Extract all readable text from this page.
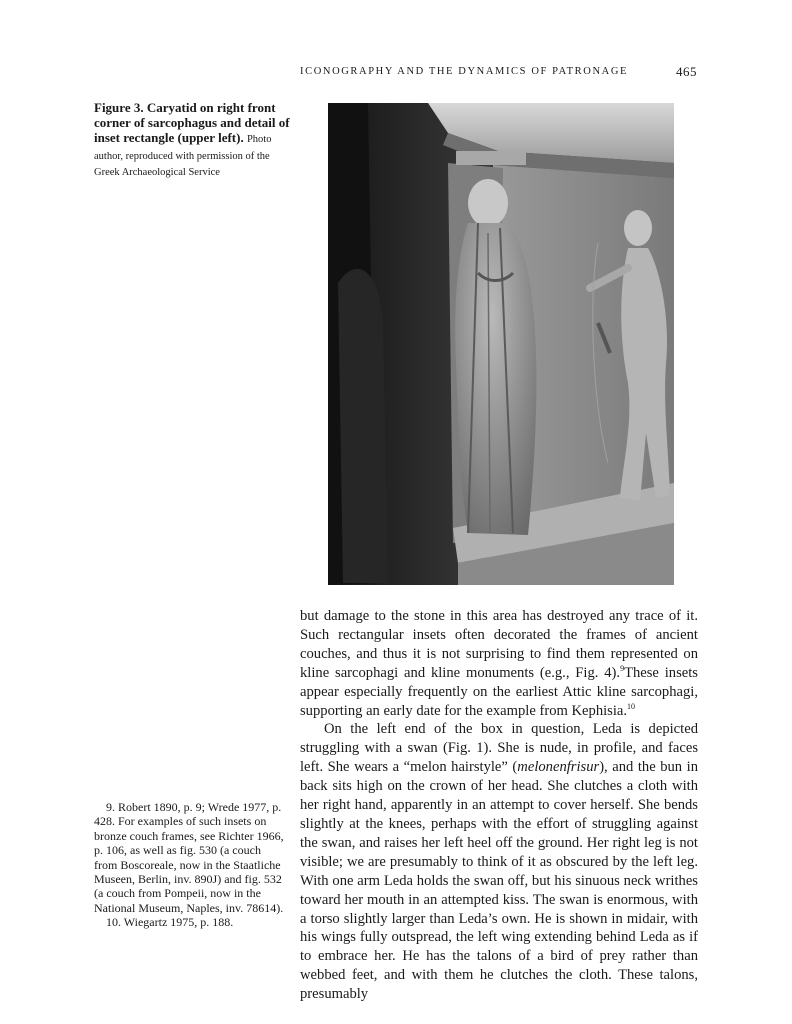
ICONOGRAPHY AND THE DYNAMICS OF PATRONAGE	465
Figure 3. Caryatid on right front corner of sarcophagus and detail of inset rectangle (upper left). Photo author, reproduced with permission of the Greek Archaeological Service

but damage to the stone in this area has destroyed any trace of it. Such rectangular insets often decorated the frames of ancient couches, and thus it is not surprising to find them represented on kline sarcophagi and kline monuments (e.g., Fig. 4).$^9$These insets appear especially frequently on the earliest Attic kline sarcophagi, supporting an early date for the example from Kephisia.$^{10}$

On the left end of the box in question, Leda is depicted struggling with a swan (Fig. 1). She is nude, in profile, and faces left. She wears a “melon hairstyle” (melonenfrisur), and the bun in back sits high on the crown of her head. She clutches a cloth with her right hand, apparently in an attempt to cover herself. She bends slightly at the knees, perhaps with the effort of struggling against the swan, and raises her left heel off the ground. Her right leg is not visible; we are presumably to think of it as obscured by the left leg. With one arm Leda holds the swan off, but his sinuous neck writhes toward her mouth in an attempted kiss. The swan is enormous, with a torso slightly larger than Leda’s own. He is shown in midair, with his wings fully outspread, the left wing extending behind Leda as if to embrace her. He has the talons of a bird of prey rather than webbed feet, and with them he clutches the cloth. These talons, presumably

9. Robert 1890, p. 9; Wrede 1977, p. 428. For examples of such insets on bronze couch frames, see Richter 1966, p. 106, as well as fig. 530 (a couch from Boscoreale, now in the Staatliche Museen, Berlin, inv. 890J) and fig. 532 (a couch from Pompeii, now in the National Museum, Naples, inv. 78614).

10. Wiegartz 1975, p. 188.
